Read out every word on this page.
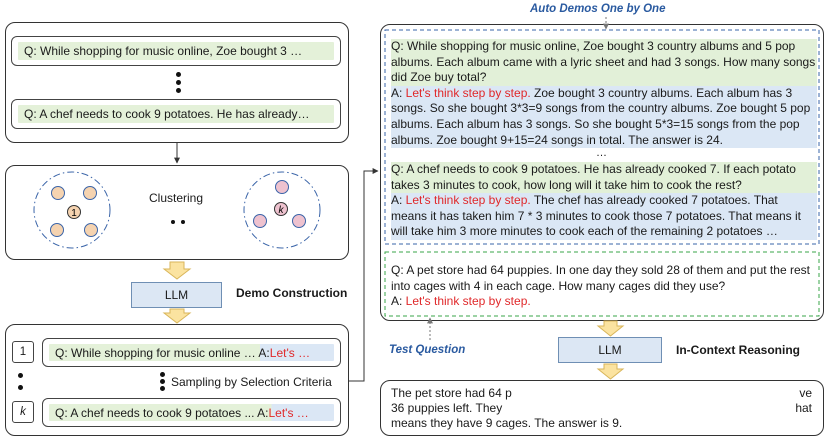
Q: While shopping for music online, Zoe bought 3 …
Q: A chef needs to cook 9 potatoes. He has already…
Clustering
LLM	Demo Construction
1	Q: While shopping for music online … A: Let's …
Sampling by Selection Criteria
k Q: A chef needs to cook 9 potatoes ... A: Let's …
Auto Demos One by One

Q: While shopping for music online, Zoe bought 3 country albums and 5 pop albums. Each album came with a lyric sheet and had 3 songs. How many songs did Zoe buy total?

A: Let's think step by step. Zoe bought 3 country albums. Each album has 3 songs. So she bought 3*3=9 songs from the country albums. Zoe bought 5 pop albums. Each album has 3 songs. So she bought 5*3=15 songs from the pop albums. Zoe bought 9+15=24 songs in total. The answer is 24.

…

Q: A chef needs to cook 9 potatoes. He has already cooked 7. If each potato takes 3 minutes to cook, how long will it take him to cook the rest?

A: Let's think step by step. The chef has already cooked 7 potatoes. That means it has taken him 7 * 3 minutes to cook those 7 potatoes. That means it will take him 3 more minutes to cook each of the remaining 2 potatoes …

Q: A pet store had 64 puppies. In one day they sold 28 of them and put the rest into cages with 4 in each cage. How many cages did they use?

A: Let's think step by step.

Test Question	LLM	In-Context Reasoning
The pet store had 64 p	ve
36 puppies left. They	hat
means they have 9 cages. The answer is 9.
1	k
